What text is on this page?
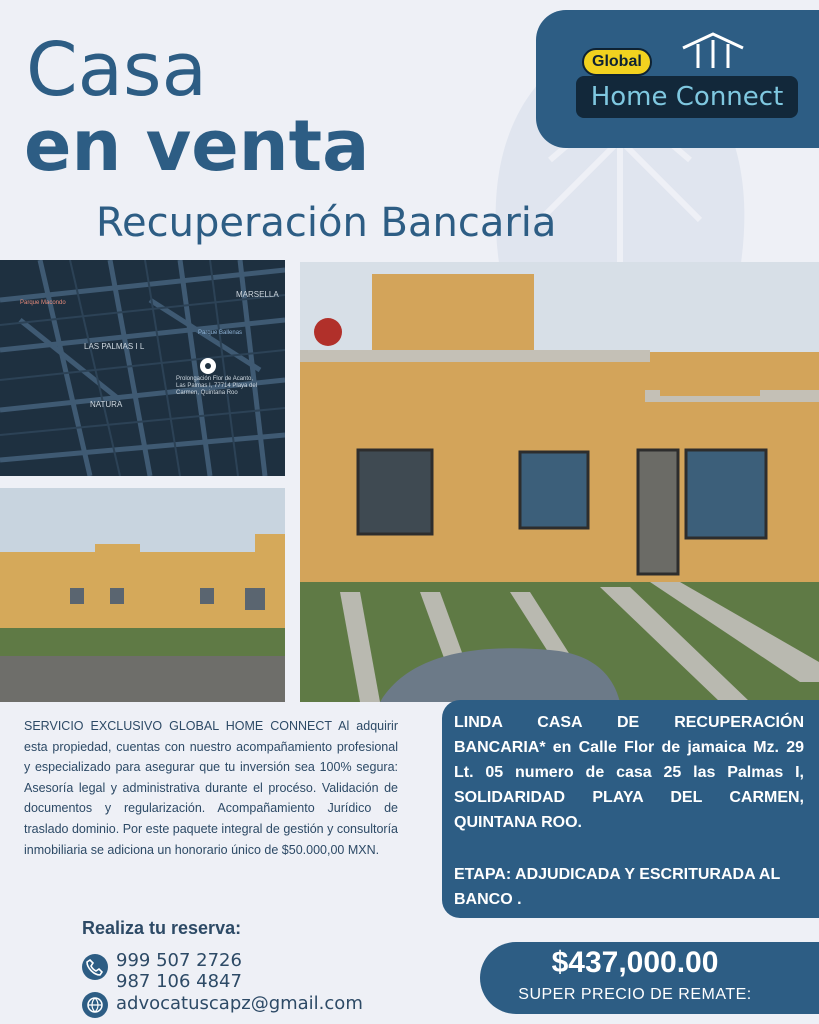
Casa
en venta
Recuperación Bancaria
Global
Home Connect
MARSELLA
LAS PALMAS I L
NATURA
Prolongación Flor de Acanto, Las Palmas I, 77714 Playa del Carmen, Quintana Roo
Parque Macondo
Parque Ballenas
SERVICIO EXCLUSIVO GLOBAL HOME CONNECT Al adquirir esta propiedad, cuentas con nuestro acompañamiento profesional y especializado para asegurar que tu inversión sea 100% segura: Asesoría legal y administrativa durante el procéso. Validación de documentos y regularización. Acompañamiento Jurídico de traslado dominio. Por este paquete integral de gestión y consultoría inmobiliaria se adiciona un honorario único de $50.000,00 MXN.
LINDA CASA DE RECUPERACIÓN BANCARIA* en Calle Flor de jamaica Mz. 29 Lt. 05 numero de casa 25 las Palmas I, SOLIDARIDAD PLAYA DEL CARMEN, QUINTANA ROO.
ETAPA: ADJUDICADA Y ESCRITURADA AL BANCO .
Realiza tu reserva:
999 507 2726
987 106 4847
advocatuscapz@gmail.com
$437,000.00
SUPER PRECIO DE REMATE:
